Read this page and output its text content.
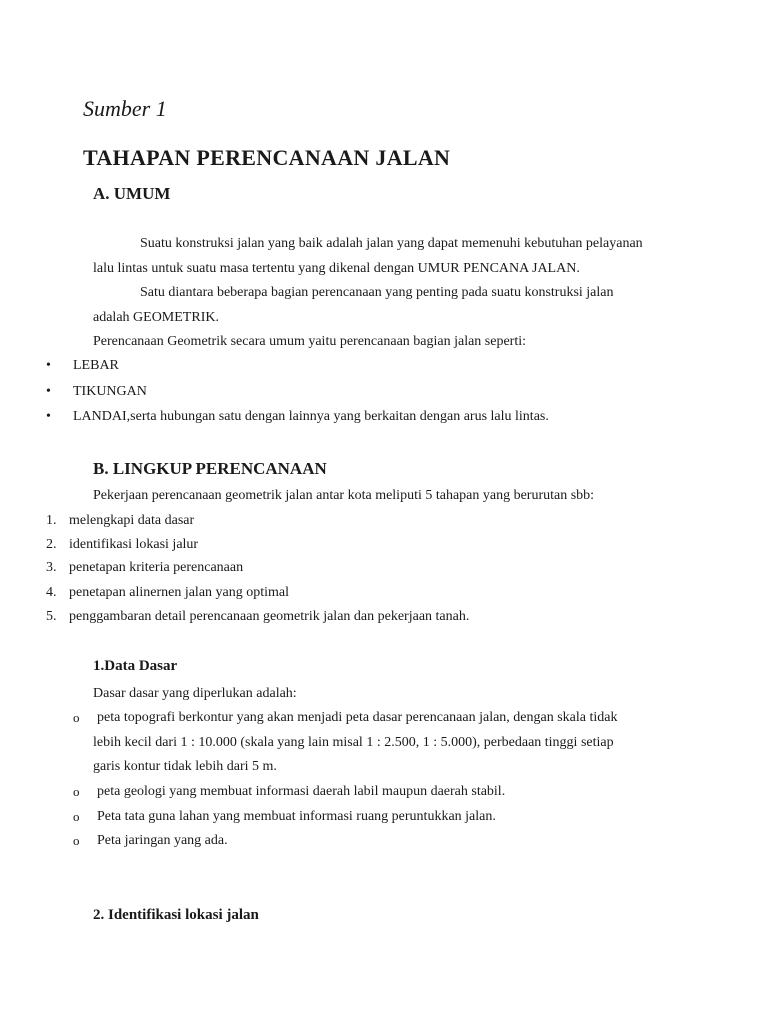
Sumber 1
TAHAPAN PERENCANAAN JALAN
A. UMUM
Suatu konstruksi jalan yang baik adalah jalan yang dapat memenuhi kebutuhan pelayanan
lalu lintas untuk suatu masa tertentu yang dikenal dengan UMUR PENCANA JALAN.
Satu diantara beberapa bagian perencanaan yang penting pada suatu konstruksi jalan
adalah GEOMETRIK.
Perencanaan Geometrik secara umum yaitu perencanaan bagian jalan seperti:
• LEBAR
• TIKUNGAN
• LANDAI,serta hubungan satu dengan lainnya yang berkaitan dengan arus lalu lintas.
B. LINGKUP PERENCANAAN
Pekerjaan perencanaan geometrik jalan antar kota meliputi 5 tahapan yang berurutan sbb:
1. melengkapi data dasar
2. identifikasi lokasi jalur
3. penetapan kriteria perencanaan
4. penetapan alinernen jalan yang optimal
5. penggambaran detail perencanaan geometrik jalan dan pekerjaan tanah.
1.Data Dasar
Dasar dasar yang diperlukan adalah:
o peta topografi berkontur yang akan menjadi peta dasar perencanaan jalan, dengan skala tidak
lebih kecil dari 1 : 10.000 (skala yang lain misal 1 : 2.500, 1 : 5.000), perbedaan tinggi setiap
garis kontur tidak lebih dari 5 m.
o peta geologi yang membuat informasi daerah labil maupun daerah stabil.
o Peta tata guna lahan yang membuat informasi ruang peruntukkan jalan.
o Peta jaringan yang ada.
2. Identifikasi lokasi jalan
